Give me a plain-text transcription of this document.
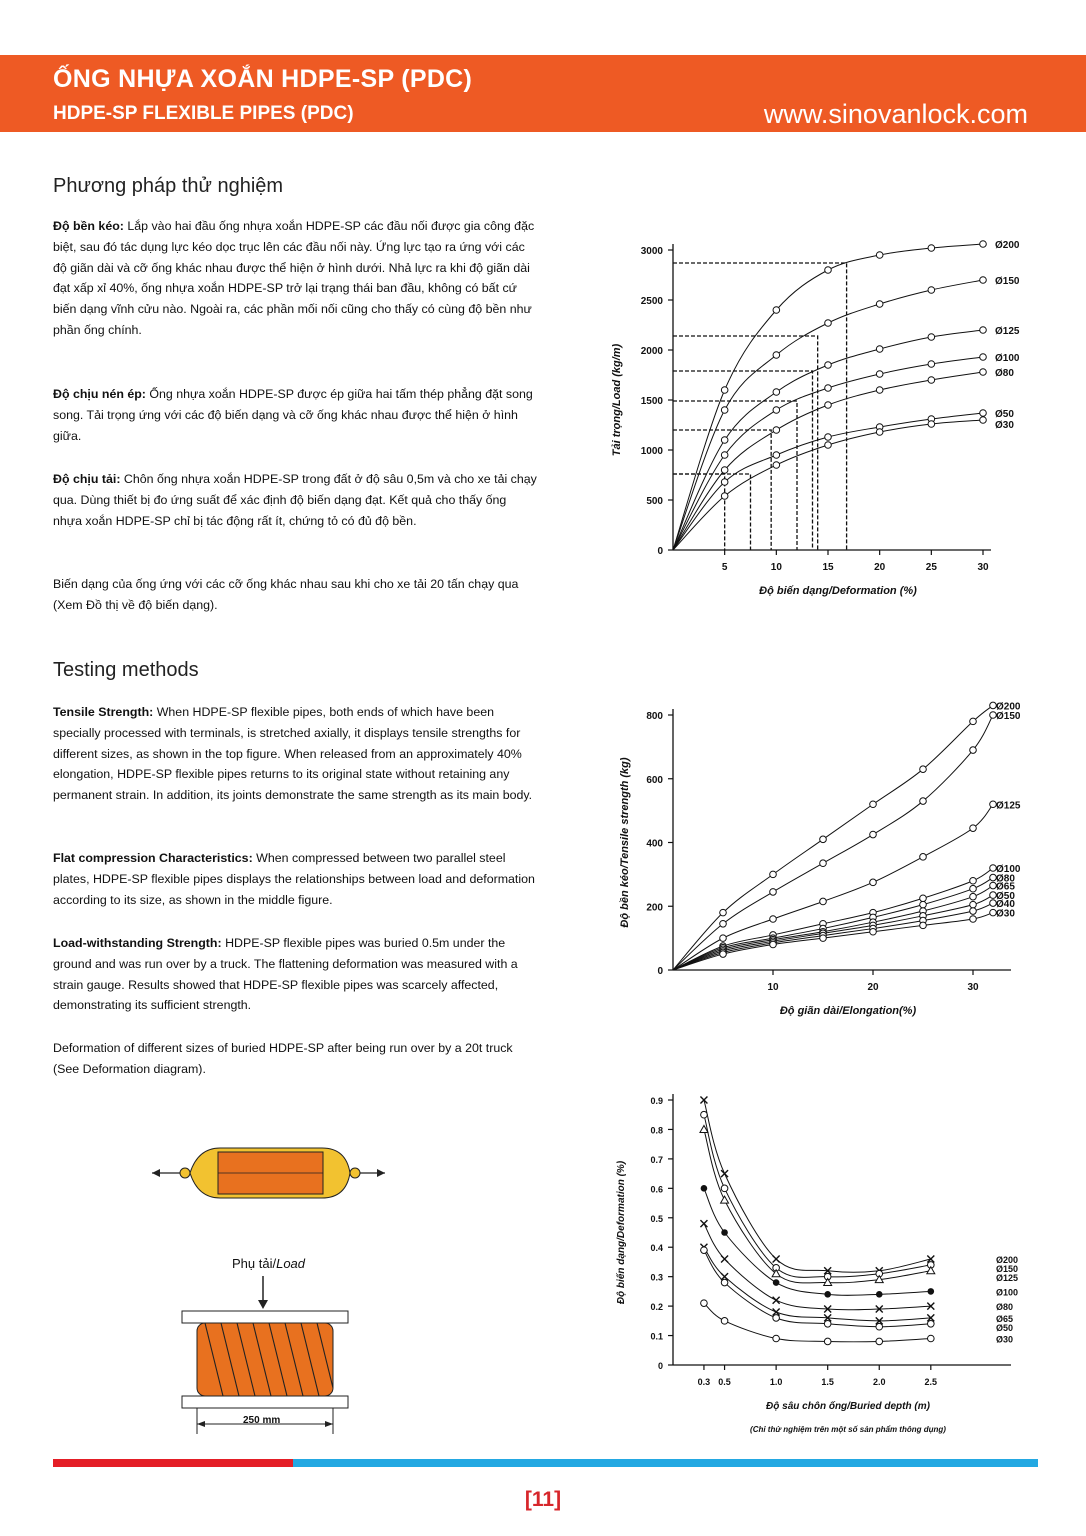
ỐNG NHỰA XOẮN HDPE-SP (PDC)
HDPE-SP FLEXIBLE PIPES (PDC)	www.sinovanlock.com
Phương pháp thử nghiệm

Độ bền kéo: Lắp vào hai đầu ống nhựa xoắn HDPE-SP các đầu nối được gia công đặc biệt, sau đó tác dụng lực kéo dọc trục lên các đầu nối này. Ứng lực tạo ra ứng với các độ giãn dài và cỡ ống khác nhau được thể hiện ở hình dưới. Nhả lực ra khi độ giãn dài đạt xấp xỉ 40%, ống nhựa xoắn HDPE-SP trở lại trạng thái ban đầu, không có bất cứ biến dạng vĩnh cửu nào. Ngoài ra, các phần mối nối cũng cho thấy có cùng độ bền như phần ống chính.

Độ chịu nén ép: Ống nhựa xoắn HDPE-SP được ép giữa hai tấm thép phẳng đặt song song. Tải trọng ứng với các độ biến dạng và cỡ ống khác nhau được thể hiện ở hình giữa.

Độ chịu tải: Chôn ống nhựa xoắn HDPE-SP trong đất ở độ sâu 0,5m và cho xe tải chạy qua. Dùng thiết bị đo ứng suất để xác định độ biến dạng đạt. Kết quả cho thấy ống nhựa xoắn HDPE-SP chỉ bị tác động rất ít, chứng tỏ có đủ độ bền.

Biến dạng của ống ứng với các cỡ ống khác nhau sau khi cho xe tải 20 tấn chạy qua (Xem Đồ thị về độ biến dạng).

Testing methods

Tensile Strength: When HDPE-SP flexible pipes, both ends of which have been specially processed with terminals, is stretched axially, it displays tensile strengths for different sizes, as shown in the top figure. When released from an approximately 40% elongation, HDPE-SP flexible pipes returns to its original state without retaining any permanent strain. In addition, its joints demonstrate the same strength as its main body.

Flat compression Characteristics: When compressed between two parallel steel plates, HDPE-SP flexible pipes displays the relationships between load and deformation according to its size, as shown in the middle figure.

Load-withstanding Strength: HDPE-SP flexible pipes was buried 0.5m under the ground and was run over by a truck. The flattening deformation was measured with a strain gauge. Results showed that HDPE-SP flexible pipes was scarcely affected, demonstrating its sufficient strength.

Deformation of different sizes of buried HDPE-SP after being run over by a 20t truck (See Deformation diagram).

Phụ tải/Load
250 mm
0
500
1000
1500
2000
2500
3000
5	10	15	20	25	30
Ø200
Ø150
Ø125
Ø100
Ø80
Ø50
Ø30
Tải trọng/Load (kg/m)
Độ biến dạng/Deformation (%)
0
200
400
600
800
10	20	30
Ø200
Ø150
Ø125
Ø100
Ø80
Ø65
Ø50
Ø40
Ø30
Độ bền kéo/Tensile strength (kg)
Độ giãn dài/Elongation(%)
0
0.1
0.2
0.3
0.4
0.5
0.6
0.7
0.8
0.9
0.3 0.5	1.0	1.5	2.0	2.5
Ø200
Ø150
Ø125
Ø100
Ø80
Ø65
Ø50
Ø30
Độ biến dạng/Deformation (%)
Độ sâu chôn ống/Buried depth (m)
(Chỉ thử nghiệm trên một số sản phẩm thông dụng)
[11]
